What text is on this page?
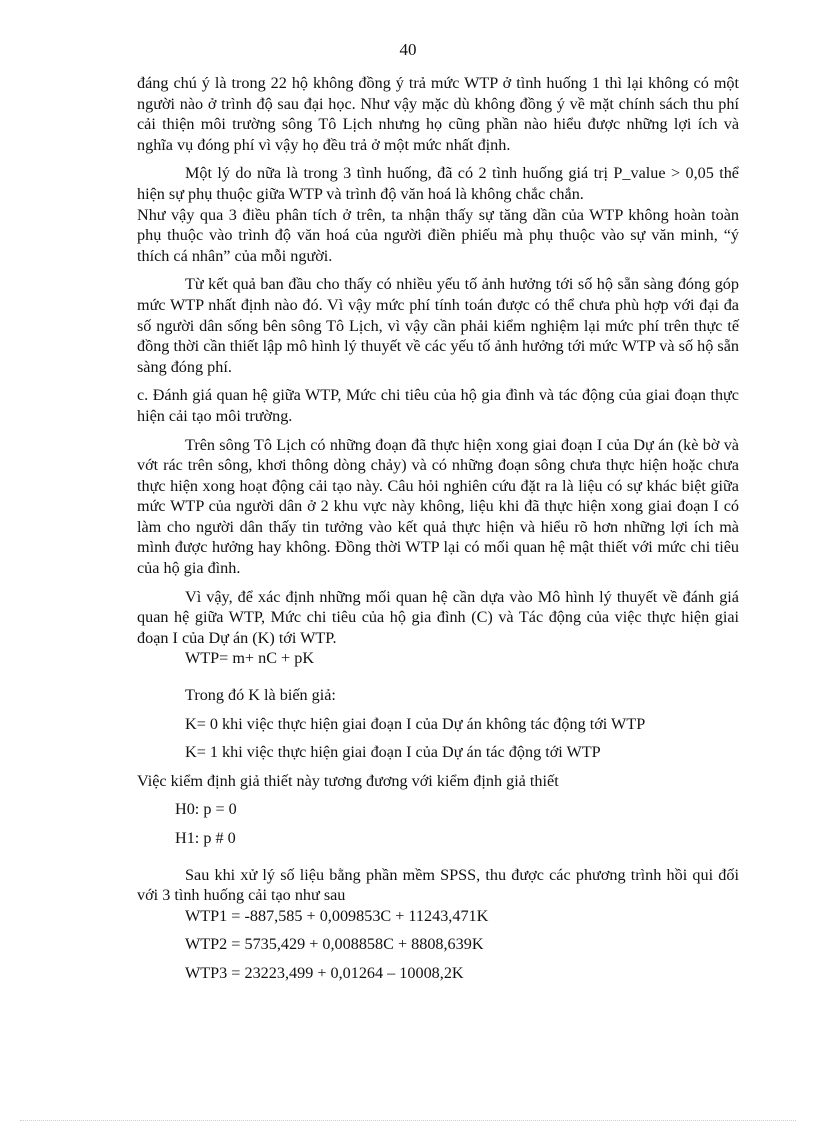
40

đáng chú ý là trong 22 hộ không đồng ý trả mức WTP ở tình huống 1 thì lại không có một người nào ở trình độ sau đại học. Như vậy mặc dù không đồng ý về mặt chính sách thu phí cải thiện môi trường sông Tô Lịch nhưng họ cũng phần nào hiểu được những lợi ích và nghĩa vụ đóng phí vì vậy họ đều trả ở một mức nhất định.

Một lý do nữa là trong 3 tình huống, đã có 2 tình huống giá trị P_value > 0,05 thể hiện sự phụ thuộc giữa WTP và trình độ văn hoá là không chắc chắn.

Như vậy qua 3 điều phân tích ở trên, ta nhận thấy sự tăng dần của WTP không hoàn toàn phụ thuộc vào trình độ văn hoá của người điền phiếu mà phụ thuộc vào sự văn minh, “ý thích cá nhân” của mỗi người.

Từ kết quả ban đầu cho thấy có nhiều yếu tố ảnh hưởng tới số hộ sẵn sàng đóng góp mức WTP nhất định nào đó. Vì vậy mức phí tính toán được có thể chưa phù hợp với đại đa số người dân sống bên sông Tô Lịch, vì vậy cần phải kiểm nghiệm lại mức phí trên thực tế đồng thời cần thiết lập mô hình lý thuyết về các yếu tố ảnh hưởng tới mức WTP và số hộ sẵn sàng đóng phí.

c. Đánh giá quan hệ giữa WTP, Mức chi tiêu của hộ gia đình và tác động của giai đoạn thực hiện cải tạo môi trường.

Trên sông Tô Lịch có những đoạn đã thực hiện xong giai đoạn I của Dự án (kè bờ và vớt rác trên sông, khơi thông dòng chảy) và có những đoạn sông chưa thực hiện hoặc chưa thực hiện xong hoạt động cải tạo này. Câu hỏi nghiên cứu đặt ra là liệu có sự khác biệt giữa mức WTP của người dân ở 2 khu vực này không, liệu khi đã thực hiện xong giai đoạn I có làm cho người dân thấy tin tưởng vào kết quả thực hiện và hiểu rõ hơn những lợi ích mà mình được hưởng hay không. Đồng thời WTP lại có mối quan hệ mật thiết với mức chi tiêu của hộ gia đình.

Vì vậy, để xác định những mối quan hệ cần dựa vào Mô hình lý thuyết về đánh giá quan hệ giữa WTP, Mức chi tiêu của hộ gia đình (C) và Tác động của việc thực hiện giai đoạn I của Dự án (K) tới WTP.

WTP= m+ nC + pK

Trong đó K là biến giả:

K= 0 khi việc thực hiện giai đoạn I của Dự án không tác động tới WTP

K= 1 khi việc thực hiện giai đoạn I của Dự án tác động tới WTP

Việc kiểm định giả thiết này tương đương với kiểm định giả thiết

H0: p = 0

H1: p # 0

Sau khi xử lý số liệu bằng phần mềm SPSS, thu được các phương trình hồi qui đối với 3 tình huống cải tạo như sau

WTP1 = -887,585 + 0,009853C + 11243,471K

WTP2 = 5735,429 + 0,008858C + 8808,639K

WTP3 = 23223,499 + 0,01264 – 10008,2K
